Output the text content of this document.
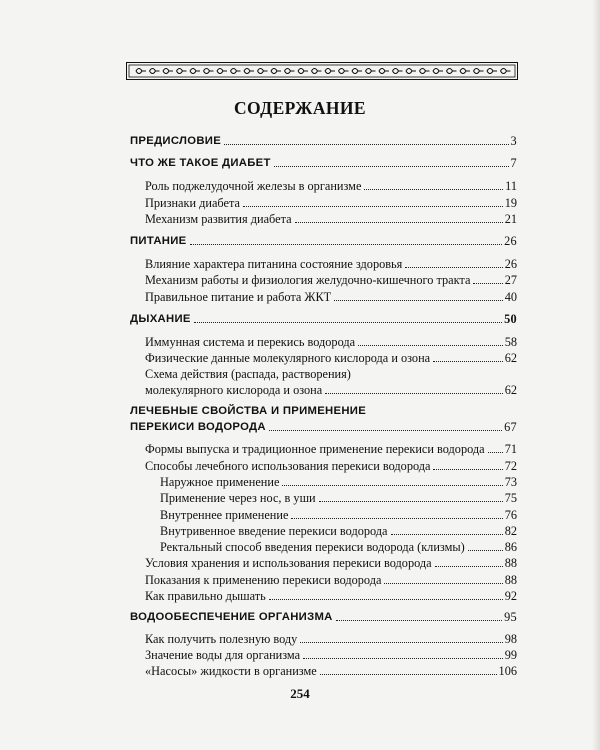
СОДЕРЖАНИЕ
ПРЕДИСЛОВИЕ	3
ЧТО ЖЕ ТАКОЕ ДИАБЕТ	7
Роль поджелудочной железы в организме	11
Признаки диабета	19
Механизм развития диабета	21
ПИТАНИЕ	26
Влияние характера питанина состояние здоровья	26
Механизм работы и физиология желудочно-кишечного тракта	27
Правильное питание и работа ЖКТ	40
ДЫХАНИЕ	50
Иммунная система и перекись водорода	58
Физические данные молекулярного кислорода и озона	62
Схема действия (распада, растворения)
молекулярного кислорода и озона	62
ЛЕЧЕБНЫЕ СВОЙСТВА И ПРИМЕНЕНИЕ
ПЕРЕКИСИ ВОДОРОДА	67
Формы выпуска и традиционное применение перекиси водорода 71
Способы лечебного использования перекиси водорода	72
Наружное применение	73
Применение через нос, в уши	75
Внутреннее применение	76
Внутривенное введение перекиси водорода	82
Ректальный способ введения перекиси водорода (клизмы)	86
Условия хранения и использования перекиси водорода	88
Показания к применению перекиси водорода	88
Как правильно дышать	92
ВОДООБЕСПЕЧЕНИЕ ОРГАНИЗМА	95
Как получить полезную воду	98
Значение воды для организма	99
«Насосы» жидкости в организме	106
254
